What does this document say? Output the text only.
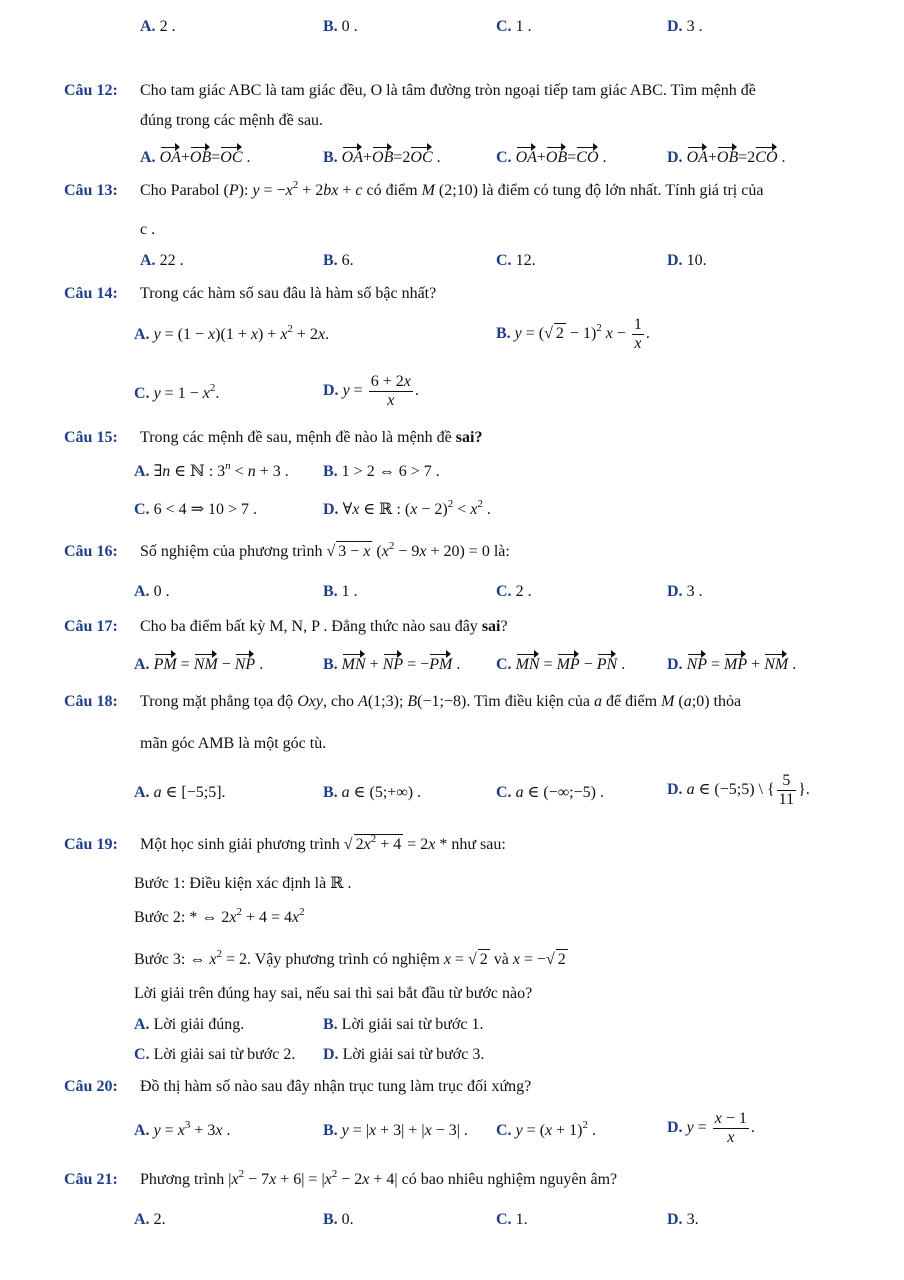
A. 2 .	B. 0 .	C. 1 .	D. 3 .
Câu 12: Cho tam giác ABC là tam giác đều, O là tâm đường tròn ngoại tiếp tam giác ABC. Tìm mệnh đề
đúng trong các mệnh đề sau.
A. OA+OB=OC .	B. OA+OB=2OC .	C. OA+OB=CO .	D. OA+OB=2CO .
Câu 13: Cho Parabol (P): $y = -x^2 + 2bx + c$ có điểm M (2;10) là điểm có tung độ lớn nhất. Tính giá trị của
c .
A. 22 .	B. 6.	C. 12.	D. 10.
Câu 14: Trong các hàm số sau đâu là hàm số bậc nhất?
A. $y = (1 - x)(1 + x) + x^2 + 2x$.	B. y = (√ 2 − 1)$^2$ $x - \frac{1}{x}$ .
C. $y = 1 - x^2$.	D. $y = \frac{6 + 2x}{x}$ .
Câu 15: Trong các mệnh đề sau, mệnh đề nào là mệnh đề sai?
A. ∃n ∈ ℕ : $3^n < n + 3$ . B. 1 > 2 ⇔ 6 > 7 .
C. 6 < 4 ⇒ 10 > 7 .	D. ∀x ∈ ℝ : $(x - 2)^2 < x^2$ .
Câu 16: Số nghiệm của phương trình √ 3 − x $(x^2 - 9x + 20) = 0$ là:
A. 0 .	B. 1 .	C. 2 .	D. 3 .
Câu 17: Cho ba điểm bất kỳ M, N, P . Đẳng thức nào sau đây sai?
A. PM = NM − NP .	B. MN + NP = −PM . C. MN = MP − PN .	D. NP = MP + NM .
Câu 18: Trong mặt phẳng tọa độ Oxy, cho A(1;3); B(−1;−8). Tìm điều kiện của a để điểm M (a;0) thỏa
mãn góc AMB là một góc tù.
A. a ∈ [−5;5].	B. a ∈ (5;+∞) .	C. a ∈ (−∞;−5) .	D. a ∈ (−5;5) \ { $\frac{5}{11}$ }.
Câu 19: Một học sinh giải phương trình √ $2x^2 + 4 = 2x$ * như sau:
Bước 1: Điều kiện xác định là ℝ .
Bước 2: * ⇔ $2x^2 + 4 = 4x^2$
Bước 3: ⇔ $x^2 = 2$. Vậy phương trình có nghiệm x = √ 2 và x = −√ 2
Lời giải trên đúng hay sai, nếu sai thì sai bắt đầu từ bước nào?
A. Lời giải đúng.	B. Lời giải sai từ bước 1.
C. Lời giải sai từ bước 2. D. Lời giải sai từ bước 3.
Câu 20: Đồ thị hàm số nào sau đây nhận trục tung làm trục đối xứng?
A. $y = x^3 + 3x$ .	B. y = |x + 3| + |x − 3| . C. $y = (x + 1)^2$ .	D. $y = \frac{x - 1}{x}$ .
Câu 21: Phương trình $|x^2 - 7x + 6| = |x^2 - 2x + 4|$ có bao nhiêu nghiệm nguyên âm?
A. 2.	B. 0.	C. 1.	D. 3.
